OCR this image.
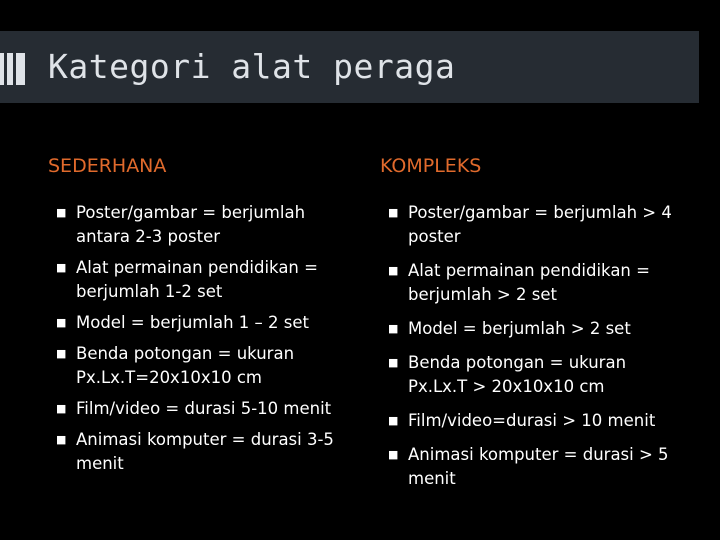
Kategori alat peraga
SEDERHANA
■ Poster/gambar = berjumlah antara 2-3 poster
■ Alat permainan pendidikan = berjumlah 1-2 set
■ Model = berjumlah 1 – 2 set
■ Benda potongan = ukuran Px.Lx.T=20x10x10 cm
■ Film/video = durasi 5-10 menit
■ Animasi komputer = durasi 3-5 menit
KOMPLEKS
■ Poster/gambar = berjumlah > 4 poster
■ Alat permainan pendidikan = berjumlah > 2 set
■ Model = berjumlah > 2 set
■ Benda potongan = ukuran Px.Lx.T > 20x10x10 cm
■ Film/video=durasi > 10 menit
■ Animasi komputer = durasi > 5 menit
